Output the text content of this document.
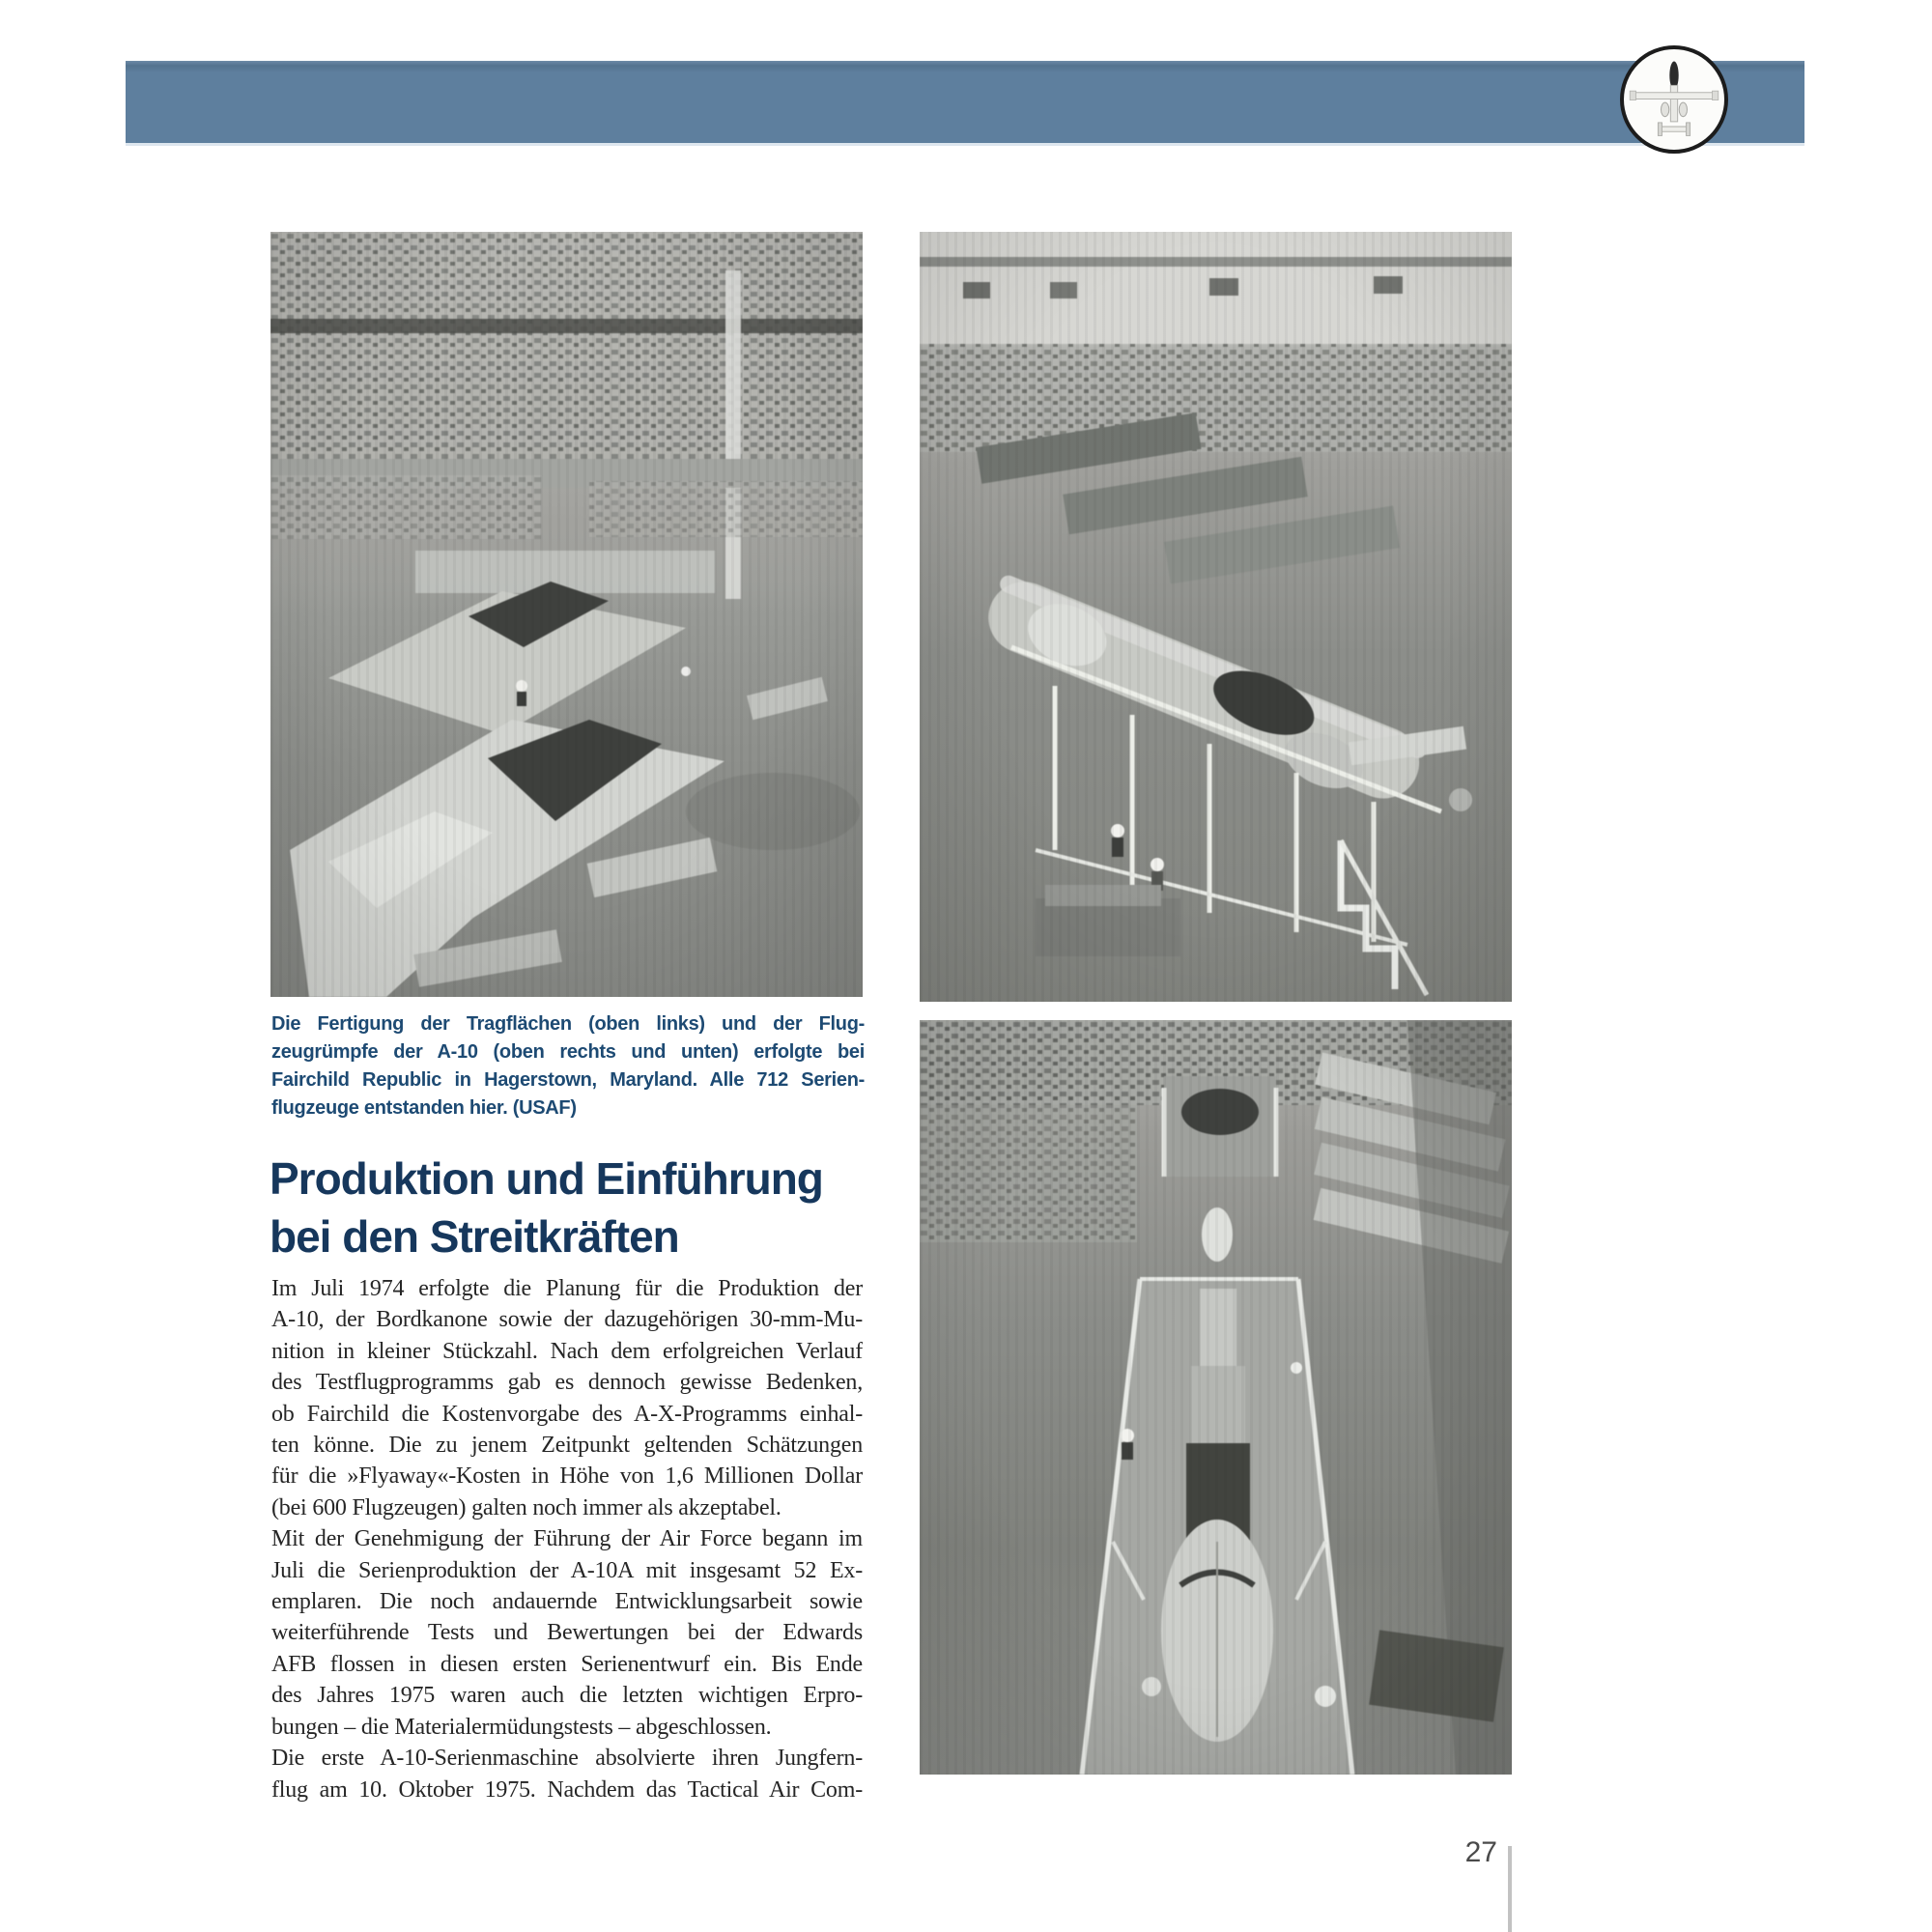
Die Fertigung der Tragflächen (oben links) und der Flug-
zeugrümpfe der A-10 (oben rechts und unten) erfolgte bei
Fairchild Republic in Hagerstown, Maryland. Alle 712 Serien-
flugzeuge entstanden hier. (USAF)
Produktion und Einführung
bei den Streitkräften
Im Juli 1974 erfolgte die Planung für die Produktion der
A-10, der Bordkanone sowie der dazugehörigen 30-mm-Mu-
nition in kleiner Stückzahl. Nach dem erfolgreichen Verlauf
des Testflugprogramms gab es dennoch gewisse Bedenken,
ob Fairchild die Kostenvorgabe des A-X-Programms einhal-
ten könne. Die zu jenem Zeitpunkt geltenden Schätzungen
für die »Flyaway«-Kosten in Höhe von 1,6 Millionen Dollar
(bei 600 Flugzeugen) galten noch immer als akzeptabel.
Mit der Genehmigung der Führung der Air Force begann im
Juli die Serienproduktion der A-10A mit insgesamt 52 Ex-
emplaren. Die noch andauernde Entwicklungsarbeit sowie
weiterführende Tests und Bewertungen bei der Edwards
AFB flossen in diesen ersten Serienentwurf ein. Bis Ende
des Jahres 1975 waren auch die letzten wichtigen Erpro-
bungen – die Materialermüdungstests – abgeschlossen.
Die erste A-10-Serienmaschine absolvierte ihren Jungfern-
flug am 10. Oktober 1975. Nachdem das Tactical Air Com-
27
